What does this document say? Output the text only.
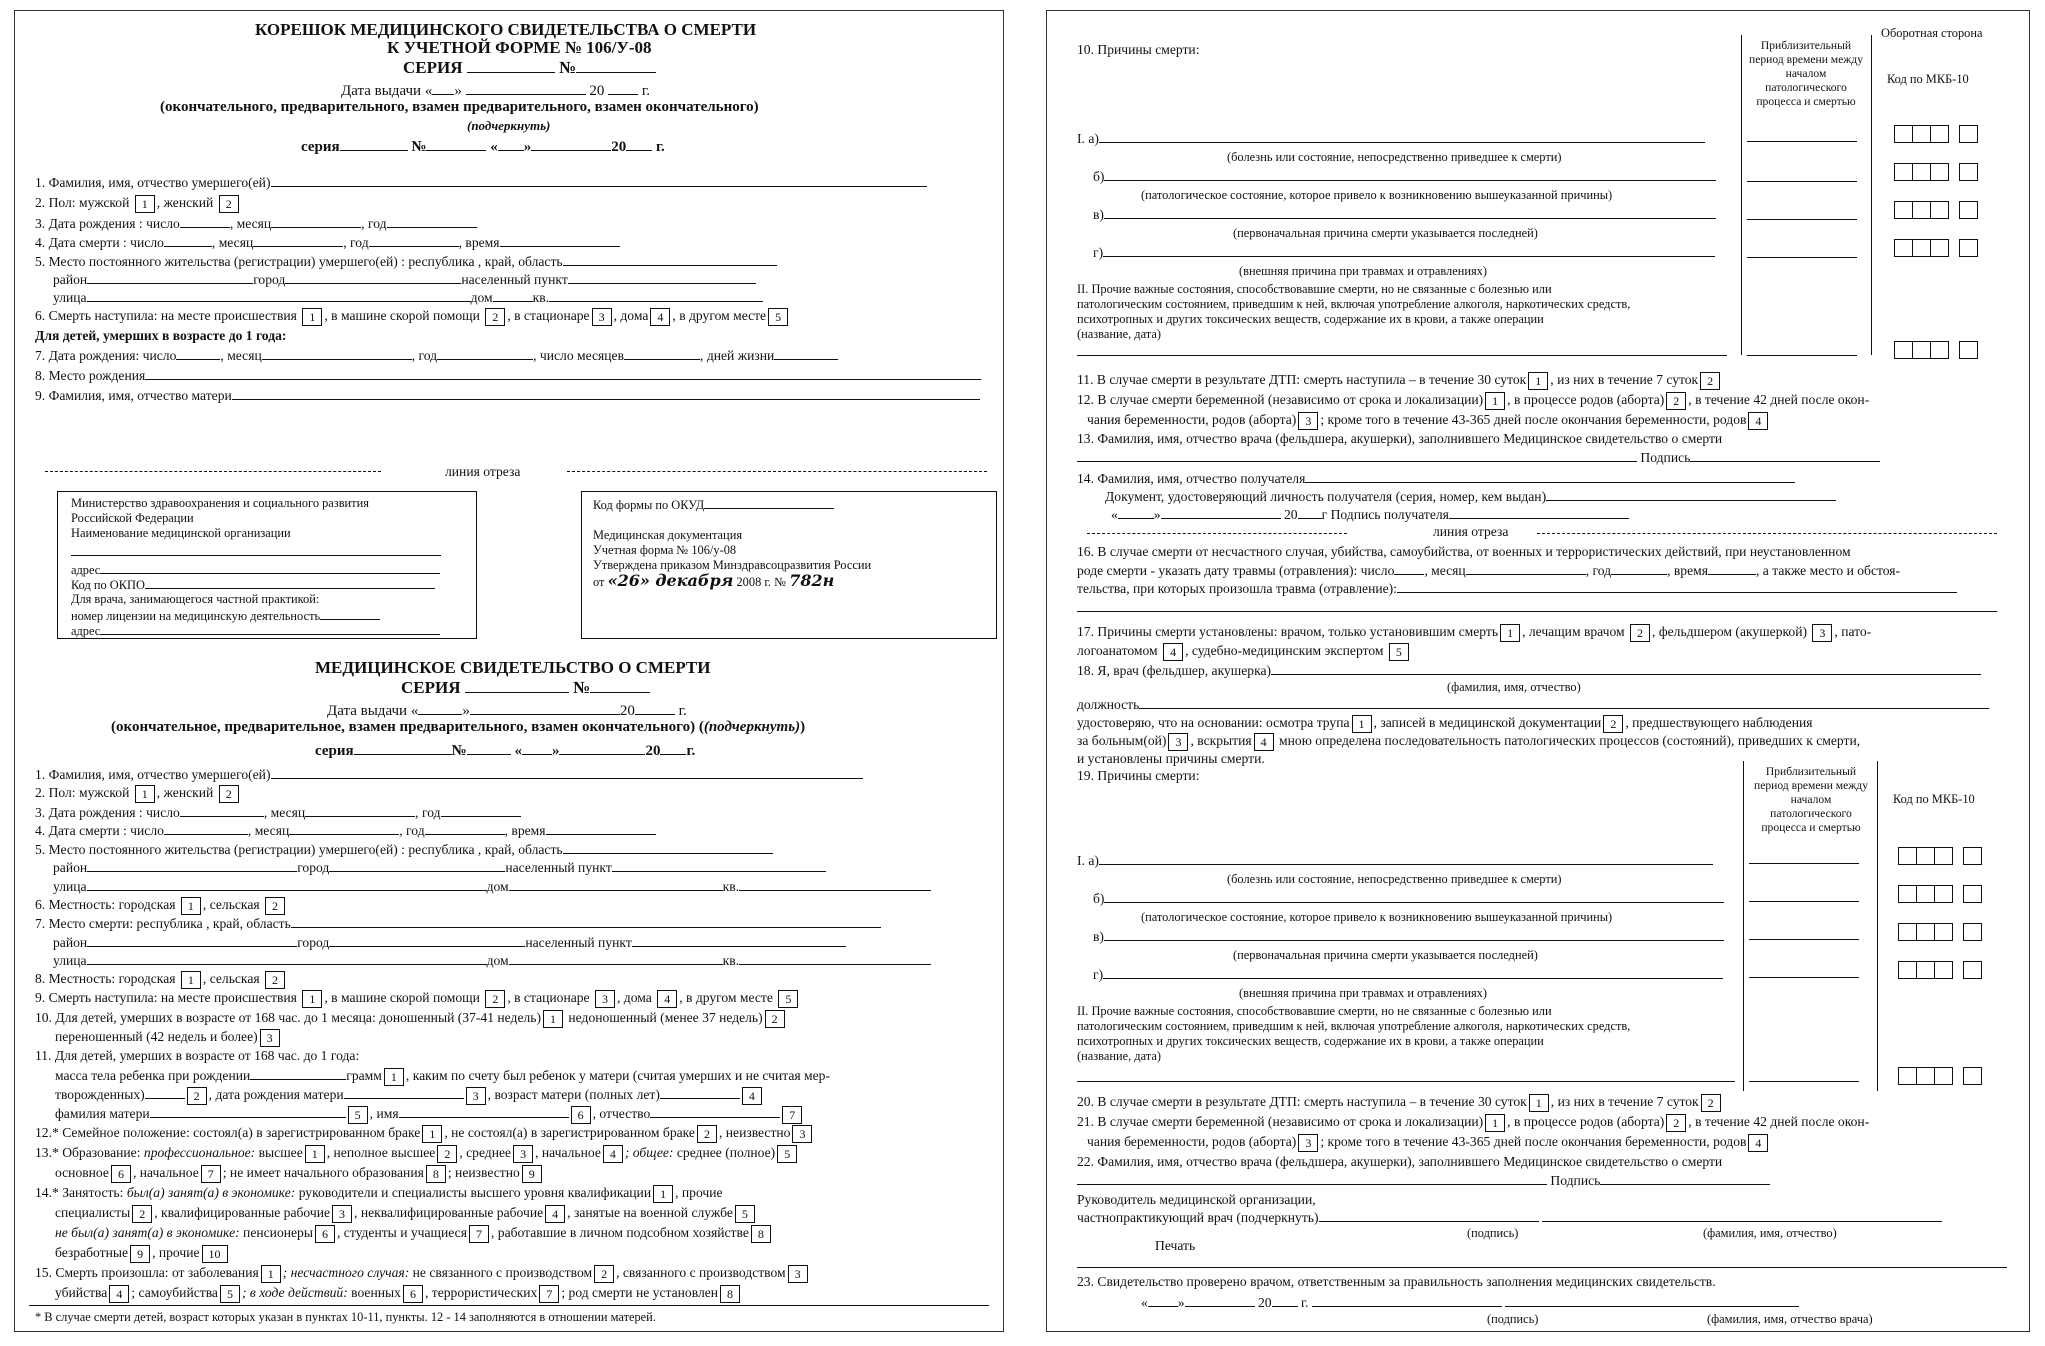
КОРЕШОК МЕДИЦИНСКОГО СВИДЕТЕЛЬСТВА О СМЕРТИ
К УЧЕТНОЙ ФОРМЕ № 106/У-08
СЕРИЯ	№
Дата выдачи « »	20	г.
(окончательного, предварительного, взамен предварительного, взамен окончательного)
(подчеркнуть)
серия	№	« »	20 г.
1. Фамилия, имя, отчество умершего(ей)
2. Пол: мужской 1 , женский 2
3. Дата рождения : число	, месяц	, год
4. Дата смерти : число	, месяц	, год	, время
5. Место постоянного жительства (регистрации) умершего(ей) : республика , край, область
район	город	населенный пункт
улица	дом	кв.
6. Смерть наступила: на месте происшествия 1 , в машине скорой помощи 2 , в стационаре 3 , дома 4 , в другом месте 5
Для детей, умерших в возрасте до 1 года:
7. Дата рождения: число	, месяц	, год	, число месяцев	, дней жизни
8. Место рождения
9. Фамилия, имя, отчество матери
линия отреза
Министерство здравоохранения и социального развития
Российской Федерации
Наименование медицинской организации
адрес
Код по ОКПО
Для врача, занимающегося частной практикой:
номер лицензии на медицинскую деятельность
адрес
Код формы по ОКУД
Медицинская документация
Учетная форма № 106/у-08
Утверждена приказом Минздравсоцразвития России
от «26» декабря 2008 г. № 782н
МЕДИЦИНСКОЕ СВИДЕТЕЛЬСТВО О СМЕРТИ
СЕРИЯ	№
Дата выдачи «	»	20	г.
(окончательное, предварительное, взамен предварительного, взамен окончательного) ((подчеркнуть))
серия	№	« »	20 г.
1. Фамилия, имя, отчество умершего(ей)
2. Пол: мужской 1 , женский 2
3. Дата рождения : число	, месяц	, год
4. Дата смерти : число	, месяц	, год	, время
5. Место постоянного жительства (регистрации) умершего(ей) : республика , край, область
район	город	населенный пункт
улица	дом	кв.
6. Местность: городская 1 , сельская 2
7. Место смерти: республика , край, область
район	город	населенный пункт
улица	дом	кв.
8. Местность: городская 1 , сельская 2
9. Смерть наступила: на месте происшествия 1 , в машине скорой помощи 2 , в стационаре 3 , дома 4 , в другом месте 5
10. Для детей, умерших в возрасте от 168 час. до 1 месяца: доношенный (37-41 недель) 1 недоношенный (менее 37 недель) 2
переношенный (42 недель и более) 3
11. Для детей, умерших в возрасте от 168 час. до 1 года:
масса тела ребенка при рождении	грамм 1 , каким по счету был ребенок у матери (считая умерших и не считая мер-
творожденных)	2 , дата рождения матери	3 , возраст матери (полных лет)	4
фамилия матери	5 , имя	6 , отчество	7
12.* Семейное положение: состоял(а) в зарегистрированном браке 1 , не состоял(а) в зарегистрированном браке 2 , неизвестно 3
13.* Образование: профессиональное: высшее 1 , неполное высшее 2 , среднее 3 , начальное 4 ; общее: среднее (полное) 5
основное 6 , начальное 7 ; не имеет начального образования 8 ; неизвестно 9
14.* Занятость: был(а) занят(а) в экономике: руководители и специалисты высшего уровня квалификации 1 , прочие
специалисты 2 , квалифицированные рабочие 3 , неквалифицированные рабочие 4 , занятые на военной службе 5
не был(а) занят(а) в экономике: пенсионеры 6 , студенты и учащиеся 7 , работавшие в личном подсобном хозяйстве 8
безработные 9 , прочие 10
15. Смерть произошла: от заболевания 1 ; несчастного случая: не связанного с производством 2 , связанного с производством 3
убийства 4 ; самоубийства 5 ; в ходе действий: военных 6 , террористических 7 ; род смерти не установлен 8
* В случае смерти детей, возраст которых указан в пунктах 10-11, пункты. 12 - 14 заполняются в отношении матерей.
Оборотная сторона
Приблизительный период времени между началом патологического процесса и смертью
Код по МКБ-10
10. Причины смерти:
I. а)
(болезнь или состояние, непосредственно приведшее к смерти)
б)
(патологическое состояние, которое привело к возникновению вышеуказанной причины)
в)
(первоначальная причина смерти указывается последней)
г)
(внешняя причина при травмах и отравлениях)
II. Прочие важные состояния, способствовавшие смерти, но не связанные с болезнью или
патологическим состоянием, приведшим к ней, включая употребление алкоголя, наркотических средств,
психотропных и других токсических веществ, содержание их в крови, а также операции
(название, дата)
11. В случае смерти в результате ДТП: смерть наступила – в течение 30 суток 1 , из них в течение 7 суток 2
12. В случае смерти беременной (независимо от срока и локализации) 1 , в процессе родов (аборта) 2 , в течение 42 дней после окон-
чания беременности, родов (аборта) 3 ; кроме того в течение 43-365 дней после окончания беременности, родов 4
13. Фамилия, имя, отчество врача (фельдшера, акушерки), заполнившего Медицинское свидетельство о смерти
Подпись
14. Фамилия, имя, отчество получателя
Документ, удостоверяющий личность получателя (серия, номер, кем выдан)
«	»	20 г Подпись получателя
линия отреза
16. В случае смерти от несчастного случая, убийства, самоубийства, от военных и террористических действий, при неустановленном
роде смерти - указать дату травмы (отравления): число , месяц	, год	, время	, а также место и обстоя-
тельства, при которых произошла травма (отравление):
17. Причины смерти установлены: врачом, только установившим смерть 1 , лечащим врачом 2 , фельдшером (акушеркой) 3 , пато-
логоанатомом 4 , судебно-медицинским экспертом 5
18. Я, врач (фельдшер, акушерка)
(фамилия, имя, отчество)
должность
удостоверяю, что на основании: осмотра трупа 1 , записей в медицинской документации 2 , предшествующего наблюдения
за больным(ой) 3 , вскрытия 4 мною определена последовательность патологических процессов (состояний), приведших к смерти,
и установлены причины смерти.
19. Причины смерти:	Приблизительный период времени между началом патологического процесса и смертью
Код по МКБ-10
I. а)
(болезнь или состояние, непосредственно приведшее к смерти)
б)
(патологическое состояние, которое привело к возникновению вышеуказанной причины)
в)
(первоначальная причина смерти указывается последней)
г)
(внешняя причина при травмах и отравлениях)
II. Прочие важные состояния, способствовавшие смерти, но не связанные с болезнью или
патологическим состоянием, приведшим к ней, включая употребление алкоголя, наркотических средств,
психотропных и других токсических веществ, содержание их в крови, а также операции
(название, дата)
20. В случае смерти в результате ДТП: смерть наступила – в течение 30 суток 1 , из них в течение 7 суток 2
21. В случае смерти беременной (независимо от срока и локализации) 1 , в процессе родов (аборта) 2 , в течение 42 дней после окон-
чания беременности, родов (аборта) 3 ; кроме того в течение 43-365 дней после окончания беременности, родов 4
22. Фамилия, имя, отчество врача (фельдшера, акушерки), заполнившего Медицинское свидетельство о смерти
Подпись
Руководитель медицинской организации,
частнопрактикующий врач (подчеркнуть)
(подпись)	(фамилия, имя, отчество)
Печать
23. Свидетельство проверено врачом, ответственным за правильность заполнения медицинских свидетельств.
« »	20 г.
(подпись)	(фамилия, имя, отчество врача)
